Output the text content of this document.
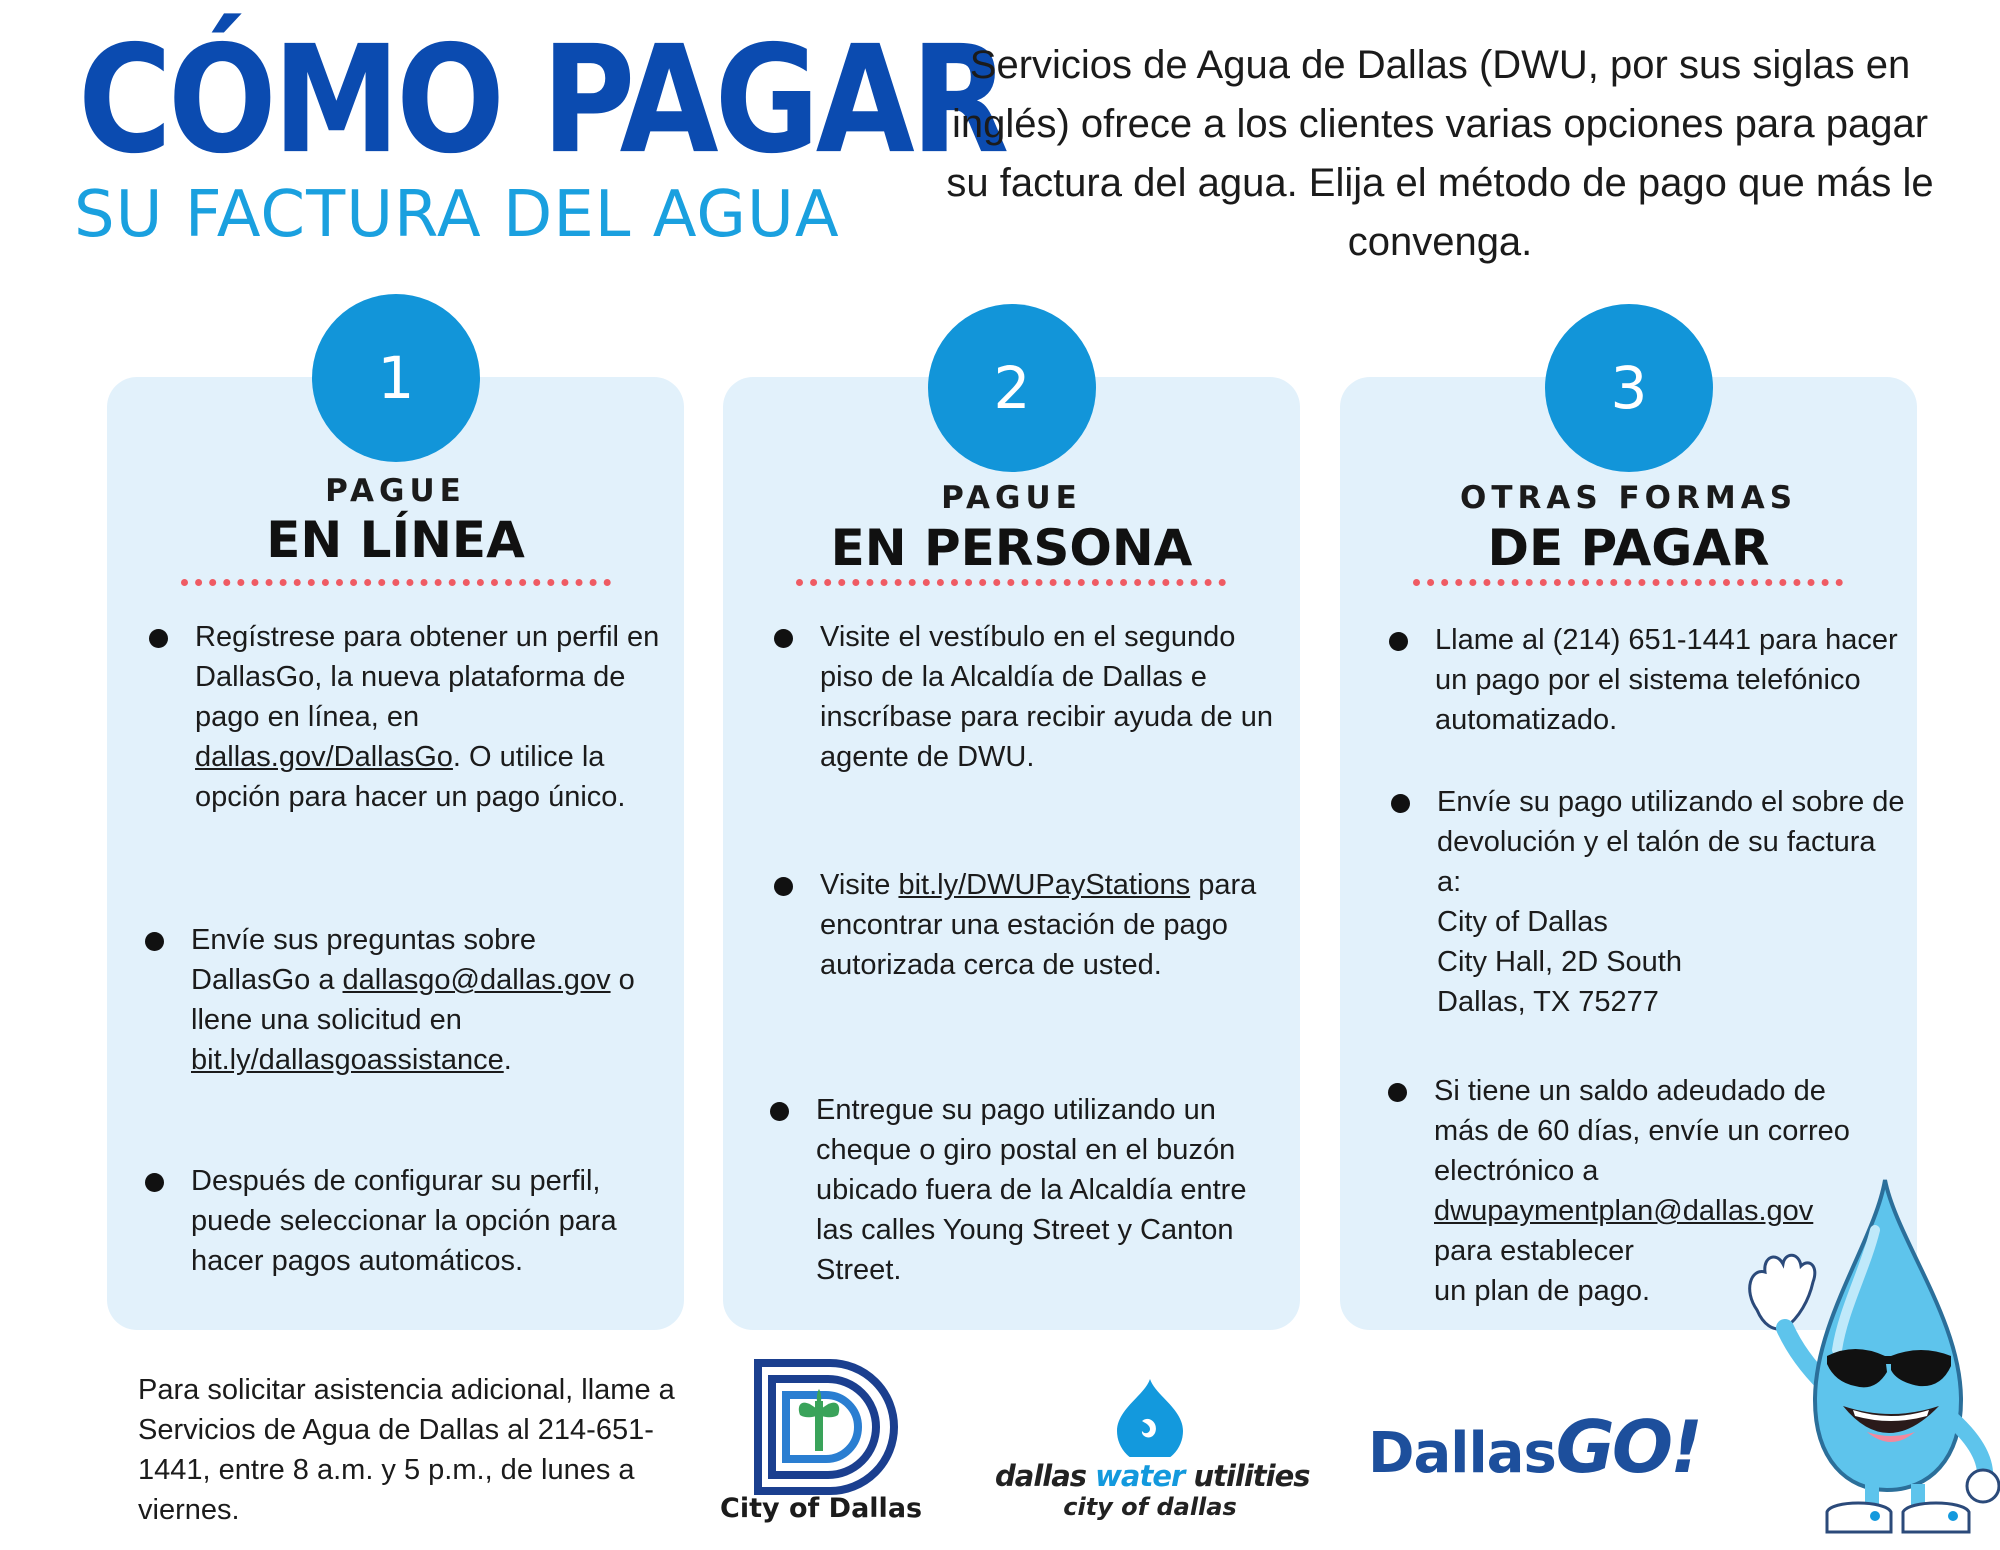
CÓMO PAGAR
SU FACTURA DEL AGUA
Servicios de Agua de Dallas (DWU, por sus siglas en inglés) ofrece a los clientes varias opciones para pagar su factura del agua. Elija el método de pago que más le convenga.
1
PAGUE
EN LÍNEA

Regístrese para obtener un perfil en DallasGo, la nueva plataforma de pago en línea, en dallas.gov/DallasGo. O utilice la opción para hacer un pago único.

Envíe sus preguntas sobre DallasGo a dallasgo@dallas.gov o llene una solicitud en bit.ly/dallasgoassistance.

Después de configurar su perfil, puede seleccionar la opción para hacer pagos automáticos.

2
PAGUE
EN PERSONA

Visite el vestíbulo en el segundo piso de la Alcaldía de Dallas e inscríbase para recibir ayuda de un agente de DWU.

Visite bit.ly/DWUPayStations para encontrar una estación de pago autorizada cerca de usted.

Entregue su pago utilizando un cheque o giro postal en el buzón ubicado fuera de la Alcaldía entre las calles Young Street y Canton Street.

3
OTRAS FORMAS
DE PAGAR

Llame al (214) 651-1441 para hacer un pago por el sistema telefónico automatizado.

Envíe su pago utilizando el sobre de devolución y el talón de su factura a:

City of Dallas

City Hall, 2D South

Dallas, TX 75277

Si tiene un saldo adeudado de más de 60 días, envíe un correo electrónico a dwupaymentplan@dallas.gov

para establecer

un plan de pago.

Para solicitar asistencia adicional, llame a Servicios de Agua de Dallas al 214-651-1441, entre 8 a.m. y 5 p.m., de lunes a viernes.	City of Dallas
dallas water utilities
city of dallas
DallasGO!
